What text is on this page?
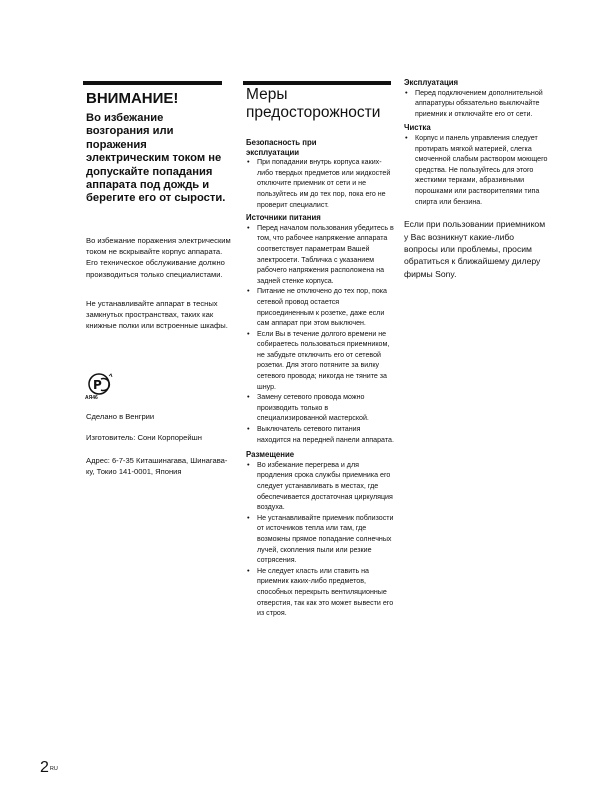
ВНИМАНИЕ!

Во избежание возгорания или поражения электрическим током не допускайте попадания аппарата под дождь и берегите его от сырости.

Во избежание поражения электрическим током не вскрывайте корпус аппарата. Его техническое обслуживание должно производиться только специалистами.

Не устанавливайте аппарат в тесных замкнутых пространствах, таких как книжные полки или встроенные шкафы.

P
AЯ46

Сделано в Венгрии

Изготовитель: Сони Корпорейшн

Адрес: 6-7-35 Киташинагава, Шинагава-ку, Токио 141-0001, Япония

Меры предосторожности

Безопасность при эксплуатации

• При попадании внутрь корпуса каких-либо твердых предметов или жидкостей отключите приемник от сети и не пользуйтесь им до тех пор, пока его не проверит специалист.

Источники питания

• Перед началом пользования убедитесь в том, что рабочее напряжение аппарата соответствует параметрам Вашей электросети. Табличка с указанием рабочего напряжения расположена на задней стенке корпуса.
• Питание не отключено до тех пор, пока сетевой провод остается присоединенным к розетке, даже если сам аппарат при этом выключен.
• Если Вы в течение долгого времени не собираетесь пользоваться приемником, не забудьте отключить его от сетевой розетки. Для этого потяните за вилку сетевого провода; никогда не тяните за шнур.
• Замену сетевого провода можно производить только в специализированной мастерской.
• Выключатель сетевого питания находится на передней панели аппарата.

Размещение

• Во избежание перегрева и для продления срока службы приемника его следует устанавливать в местах, где обеспечивается достаточная циркуляция воздуха.
• Не устанавливайте приемник поблизости от источников тепла или там, где возможны прямое попадание солнечных лучей, скопления пыли или резкие сотрясения.
• Не следует класть или ставить на приемник каких-либо предметов, способных перекрыть вентиляционные отверстия, так как это может вывести его из строя.

Эксплуатация

• Перед подключением дополнительной аппаратуры обязательно выключайте приемник и отключайте его от сети.

Чистка

• Корпус и панель управления следует протирать мягкой материей, слегка смоченной слабым раствором моющего средства. Не пользуйтесь для этого жесткими терками, абразивными порошками или растворителями типа спирта или бензина.

Если при пользовании приемником у Вас возникнут какие-либо вопросы или проблемы, просим обратиться к ближайшему дилеру фирмы Sony.

$2^{RU}$
